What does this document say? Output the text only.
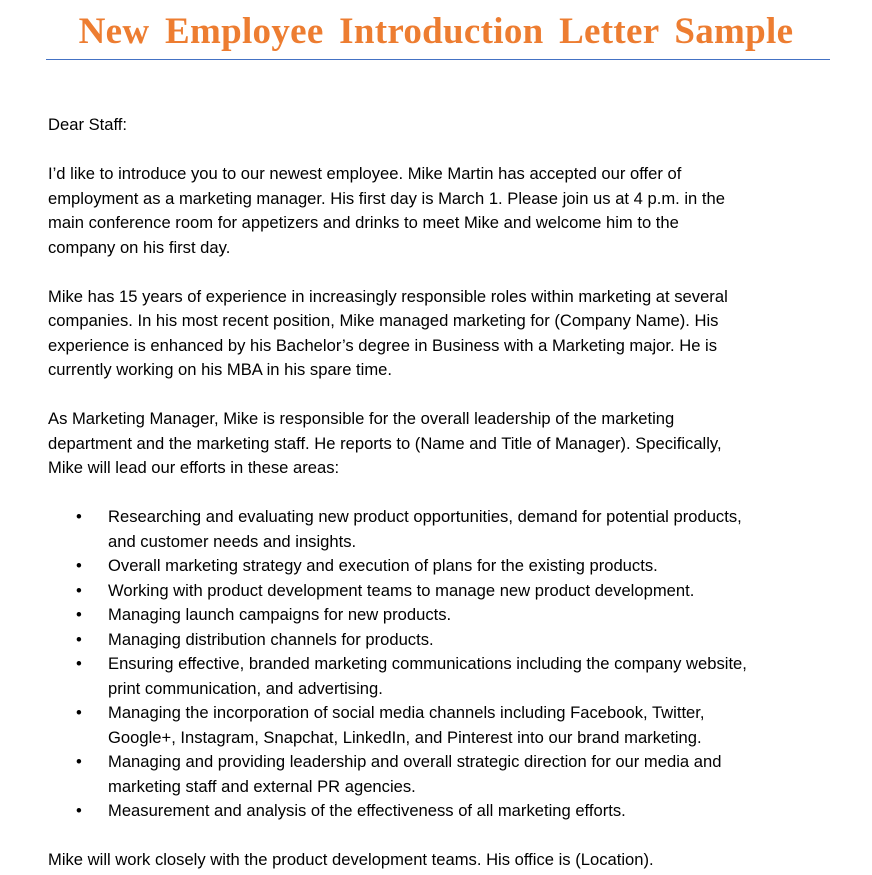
New Employee Introduction Letter Sample
Dear Staff:
I’d like to introduce you to our newest employee. Mike Martin has accepted our offer of
employment as a marketing manager. His first day is March 1. Please join us at 4 p.m. in the
main conference room for appetizers and drinks to meet Mike and welcome him to the
company on his first day.
Mike has 15 years of experience in increasingly responsible roles within marketing at several
companies. In his most recent position, Mike managed marketing for (Company Name). His
experience is enhanced by his Bachelor’s degree in Business with a Marketing major. He is
currently working on his MBA in his spare time.
As Marketing Manager, Mike is responsible for the overall leadership of the marketing
department and the marketing staff. He reports to (Name and Title of Manager). Specifically,
Mike will lead our efforts in these areas:
• Researching and evaluating new product opportunities, demand for potential products,
and customer needs and insights.
• Overall marketing strategy and execution of plans for the existing products.
• Working with product development teams to manage new product development.
• Managing launch campaigns for new products.
• Managing distribution channels for products.
• Ensuring effective, branded marketing communications including the company website,
print communication, and advertising.
• Managing the incorporation of social media channels including Facebook, Twitter,
Google+, Instagram, Snapchat, LinkedIn, and Pinterest into our brand marketing.
• Managing and providing leadership and overall strategic direction for our media and
marketing staff and external PR agencies.
• Measurement and analysis of the effectiveness of all marketing efforts.
Mike will work closely with the product development teams. His office is (Location).
